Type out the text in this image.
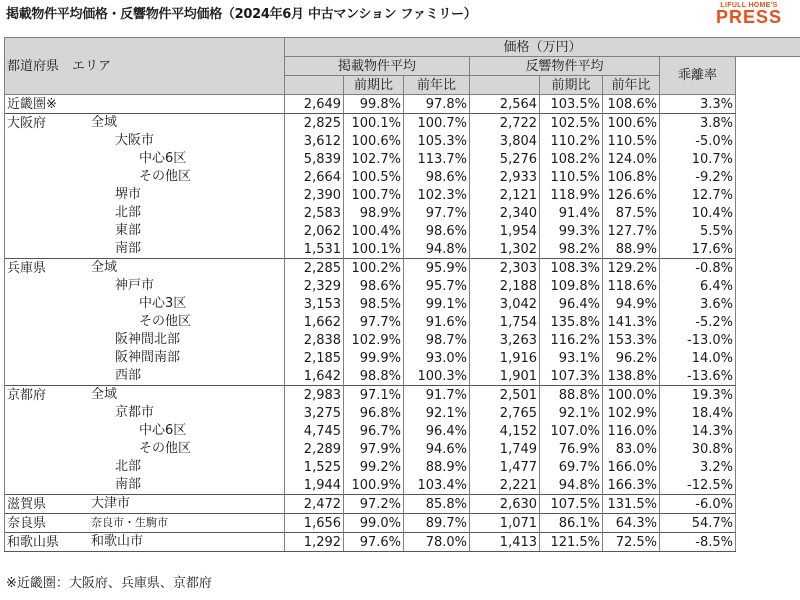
掲載物件平均価格・反響物件平均価格（2024年6月 中古マンション ファミリー）
LIFULL HOME'S
PRESS
都道府県　エリア	価格（万円）						
	掲載物件平均			反響物件平均			乖離率
		前期比	前年比		前期比	前年比	
近畿圏※	2,649	99.8%	97.8%	2,564	103.5%	108.6%	3.3%
大阪府 全域	2,825	100.1%	100.7%	2,722	102.5%	100.6%	3.8%

大阪市	3,612	100.6%	105.3%	3,804	110.2%	110.5%	-5.0%

中心6区	5,839	102.7%	113.7%	5,276	108.2%	124.0%	10.7%

その他区	2,664	100.5%	98.6%	2,933	110.5%	106.8%	-9.2%

堺市	2,390	100.7%	102.3%	2,121	118.9%	126.6%	12.7%

北部	2,583	98.9%	97.7%	2,340	91.4%	87.5%	10.4%

東部	2,062	100.4%	98.6%	1,954	99.3%	127.7%	5.5%

南部	1,531	100.1%	94.8%	1,302	98.2%	88.9%	17.6%
兵庫県 全域	2,285	100.2%	95.9%	2,303	108.3%	129.2%	-0.8%

神戸市	2,329	98.6%	95.7%	2,188	109.8%	118.6%	6.4%

中心3区	3,153	98.5%	99.1%	3,042	96.4%	94.9%	3.6%

その他区	1,662	97.7%	91.6%	1,754	135.8%	141.3%	-5.2%

阪神間北部	2,838	102.9%	98.7%	3,263	116.2%	153.3%	-13.0%

阪神間南部	2,185	99.9%	93.0%	1,916	93.1%	96.2%	14.0%

西部	1,642	98.8%	100.3%	1,901	107.3%	138.8%	-13.6%
京都府 全域	2,983	97.1%	91.7%	2,501	88.8%	100.0%	19.3%

京都市	3,275	96.8%	92.1%	2,765	92.1%	102.9%	18.4%

中心6区	4,745	96.7%	96.4%	4,152	107.0%	116.0%	14.3%

その他区	2,289	97.9%	94.6%	1,749	76.9%	83.0%	30.8%

北部	1,525	99.2%	88.9%	1,477	69.7%	166.0%	3.2%

南部	1,944	100.9%	103.4%	2,221	94.8%	166.3%	-12.5%
滋賀県 大津市	2,472	97.2%	85.8%	2,630	107.5%	131.5%	-6.0%
奈良県 奈良市・生駒市	1,656	99.0%	89.7%	1,071	86.1%	64.3%	54.7%
和歌山県 和歌山市	1,292	97.6%	78.0%	1,413	121.5%	72.5%	-8.5%
※近畿圏：大阪府、兵庫県、京都府
